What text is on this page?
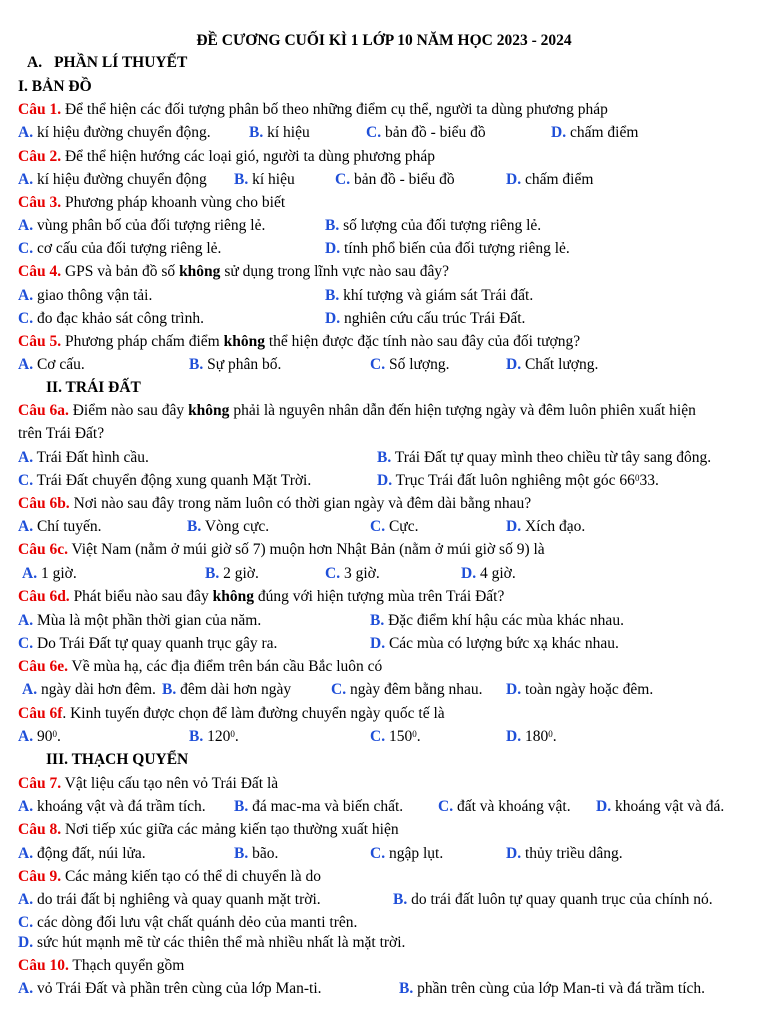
ĐỀ CƯƠNG CUỐI KÌ 1 LỚP 10 NĂM HỌC 2023 - 2024
A. PHẦN LÍ THUYẾT
I. BẢN ĐỒ
Câu 1. Để thể hiện các đối tượng phân bố theo những điểm cụ thể, người ta dùng phương pháp
A. kí hiệu đường chuyển động. B. kí hiệu	C. bản đồ - biểu đồ	D. chấm điểm
Câu 2. Để thể hiện hướng các loại gió, người ta dùng phương pháp
A. kí hiệu đường chuyển động B. kí hiệu	C. bản đồ - biểu đồ	D. chấm điểm
Câu 3. Phương pháp khoanh vùng cho biết
A. vùng phân bố của đối tượng riêng lẻ.	B. số lượng của đối tượng riêng lẻ.
C. cơ cấu của đối tượng riêng lẻ.	D. tính phổ biến của đối tượng riêng lẻ.
Câu 4. GPS và bản đồ số không sử dụng trong lĩnh vực nào sau đây?
A. giao thông vận tải.	B. khí tượng và giám sát Trái đất.
C. đo đạc khảo sát công trình.	D. nghiên cứu cấu trúc Trái Đất.
Câu 5. Phương pháp chấm điểm không thể hiện được đặc tính nào sau đây của đối tượng?
A. Cơ cấu.	B. Sự phân bố.	C. Số lượng.	D. Chất lượng.
II. TRÁI ĐẤT
Câu 6a. Điểm nào sau đây không phải là nguyên nhân dẫn đến hiện tượng ngày và đêm luôn phiên xuất hiện
trên Trái Đất?
A. Trái Đất hình cầu.	B. Trái Đất tự quay mình theo chiều từ tây sang đông.
C. Trái Đất chuyển động xung quanh Mặt Trời.	D. Trục Trái đất luôn nghiêng một góc $66^033$.
Câu 6b. Nơi nào sau đây trong năm luôn có thời gian ngày và đêm dài bằng nhau?
A. Chí tuyến.	B. Vòng cực.	C. Cực.	D. Xích đạo.
Câu 6c. Việt Nam (nằm ở múi giờ số 7) muộn hơn Nhật Bản (nằm ở múi giờ số 9) là
A. 1 giờ.	B. 2 giờ.	C. 3 giờ.	D. 4 giờ.
Câu 6d. Phát biểu nào sau đây không đúng với hiện tượng mùa trên Trái Đất?
A. Mùa là một phần thời gian của năm.	B. Đặc điểm khí hậu các mùa khác nhau.
C. Do Trái Đất tự quay quanh trục gây ra.	D. Các mùa có lượng bức xạ khác nhau.
Câu 6e. Về mùa hạ, các địa điểm trên bán cầu Bắc luôn có
A. ngày dài hơn đêm. B. đêm dài hơn ngày	C. ngày đêm bằng nhau. D. toàn ngày hoặc đêm.
Câu 6f. Kinh tuyến được chọn để làm đường chuyển ngày quốc tế là
A. $90^0$.	B. $120^0$.	C. $150^0$.	D. $180^0$.
III. THẠCH QUYỂN
Câu 7. Vật liệu cấu tạo nên vỏ Trái Đất là
A. khoáng vật và đá trầm tích. B. đá mac-ma và biến chất. C. đất và khoáng vật. D. khoáng vật và đá.
Câu 8. Nơi tiếp xúc giữa các mảng kiến tạo thường xuất hiện
A. động đất, núi lửa.	B. bão.	C. ngập lụt.	D. thủy triều dâng.
Câu 9. Các mảng kiến tạo có thể di chuyển là do
A. do trái đất bị nghiêng và quay quanh mặt trời.	B. do trái đất luôn tự quay quanh trục của chính nó.
C. các dòng đối lưu vật chất quánh dẻo của manti trên.
D. sức hút mạnh mẽ từ các thiên thể mà nhiều nhất là mặt trời.
Câu 10. Thạch quyển gồm
A. vỏ Trái Đất và phần trên cùng của lớp Man-ti.	B. phần trên cùng của lớp Man-ti và đá trầm tích.
